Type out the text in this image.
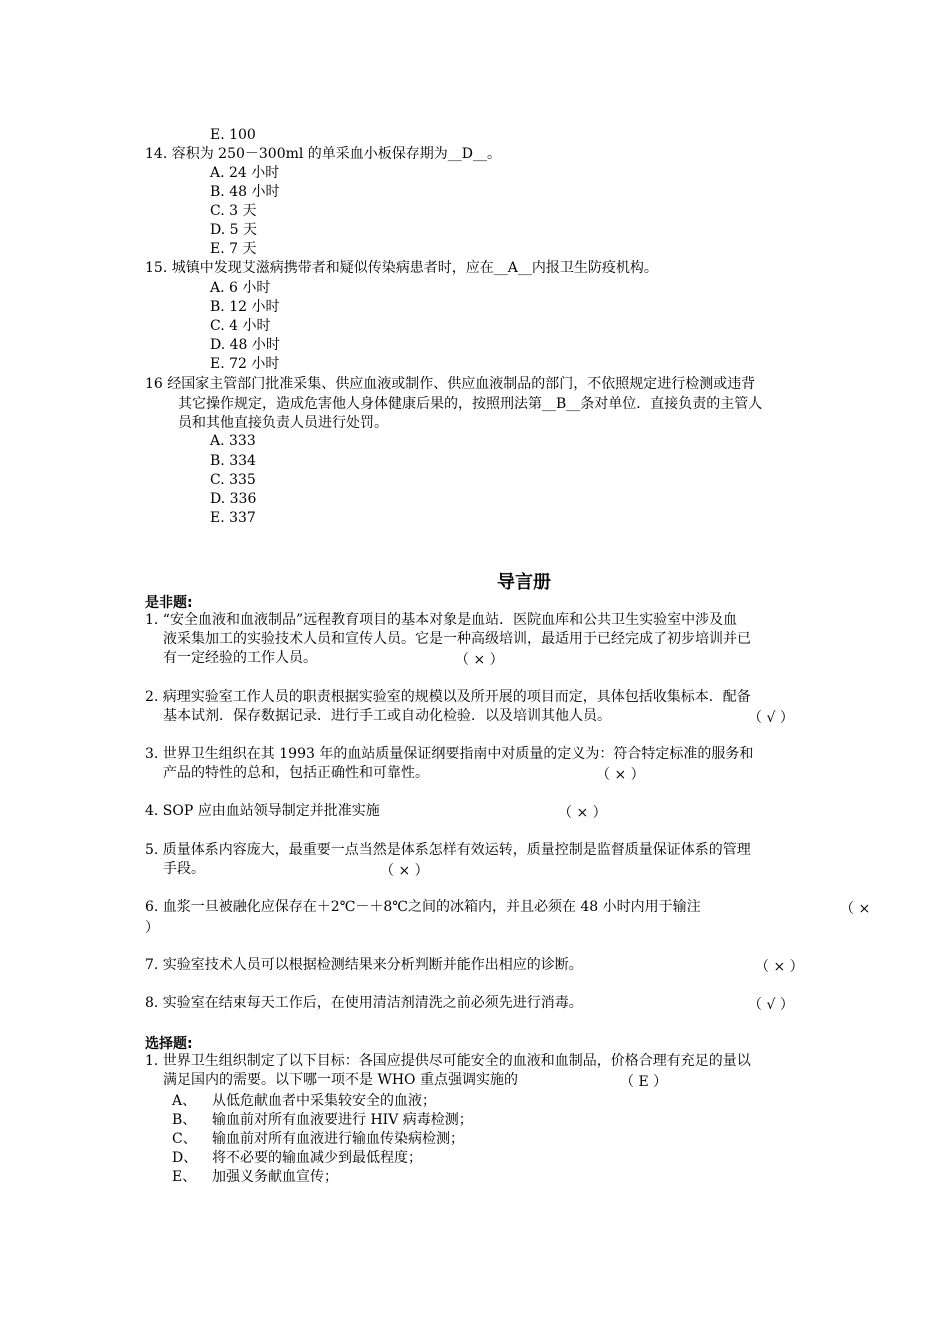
E. 100
14. 容积为 250－300ml 的单采血小板保存期为__D__。
A. 24 小时
B. 48 小时
C. 3 天
D. 5 天
E. 7 天
15. 城镇中发现艾滋病携带者和疑似传染病患者时，应在__A__内报卫生防疫机构。
A. 6 小时
B. 12 小时
C. 4 小时
D. 48 小时
E. 72 小时
16 经国家主管部门批准采集、供应血液或制作、供应血液制品的部门，不依照规定进行检测或违背
其它操作规定，造成危害他人身体健康后果的，按照刑法第__B__条对单位．直接负责的主管人
员和其他直接负责人员进行处罚。
A. 333
B. 334
C. 335
D. 336
E. 337
导言册
是非题:
1. “安全血液和血液制品”远程教育项目的基本对象是血站．医院血库和公共卫生实验室中涉及血
液采集加工的实验技术人员和宣传人员。它是一种高级培训，最适用于已经完成了初步培训并已
有一定经验的工作人员。	（ × ）
2. 病理实验室工作人员的职责根据实验室的规模以及所开展的项目而定，具体包括收集标本．配备
基本试剂．保存数据记录．进行手工或自动化检验．以及培训其他人员。	（ √ ）
3. 世界卫生组织在其 1993 年的血站质量保证纲要指南中对质量的定义为：符合特定标准的服务和
产品的特性的总和，包括正确性和可靠性。	（ × ）
4. SOP 应由血站领导制定并批准实施	（ × ）
5. 质量体系内容庞大，最重要一点当然是体系怎样有效运转，质量控制是监督质量保证体系的管理
手段。	（ × ）
6. 血浆一旦被融化应保存在＋2℃－＋8℃之间的冰箱内，并且必须在 48 小时内用于输注	（ ×
）
7. 实验室技术人员可以根据检测结果来分析判断并能作出相应的诊断。	（ × ）
8. 实验室在结束每天工作后，在使用清洁剂清洗之前必须先进行消毒。	（ √ ）
选择题:
1. 世界卫生组织制定了以下目标：各国应提供尽可能安全的血液和血制品，价格合理有充足的量以
满足国内的需要。以下哪一项不是 WHO 重点强调实施的	（ E ）
A、 从低危献血者中采集较安全的血液；
B、 输血前对所有血液要进行 HIV 病毒检测；
C、 输血前对所有血液进行输血传染病检测；
D、 将不必要的输血减少到最低程度；
E、 加强义务献血宣传；
